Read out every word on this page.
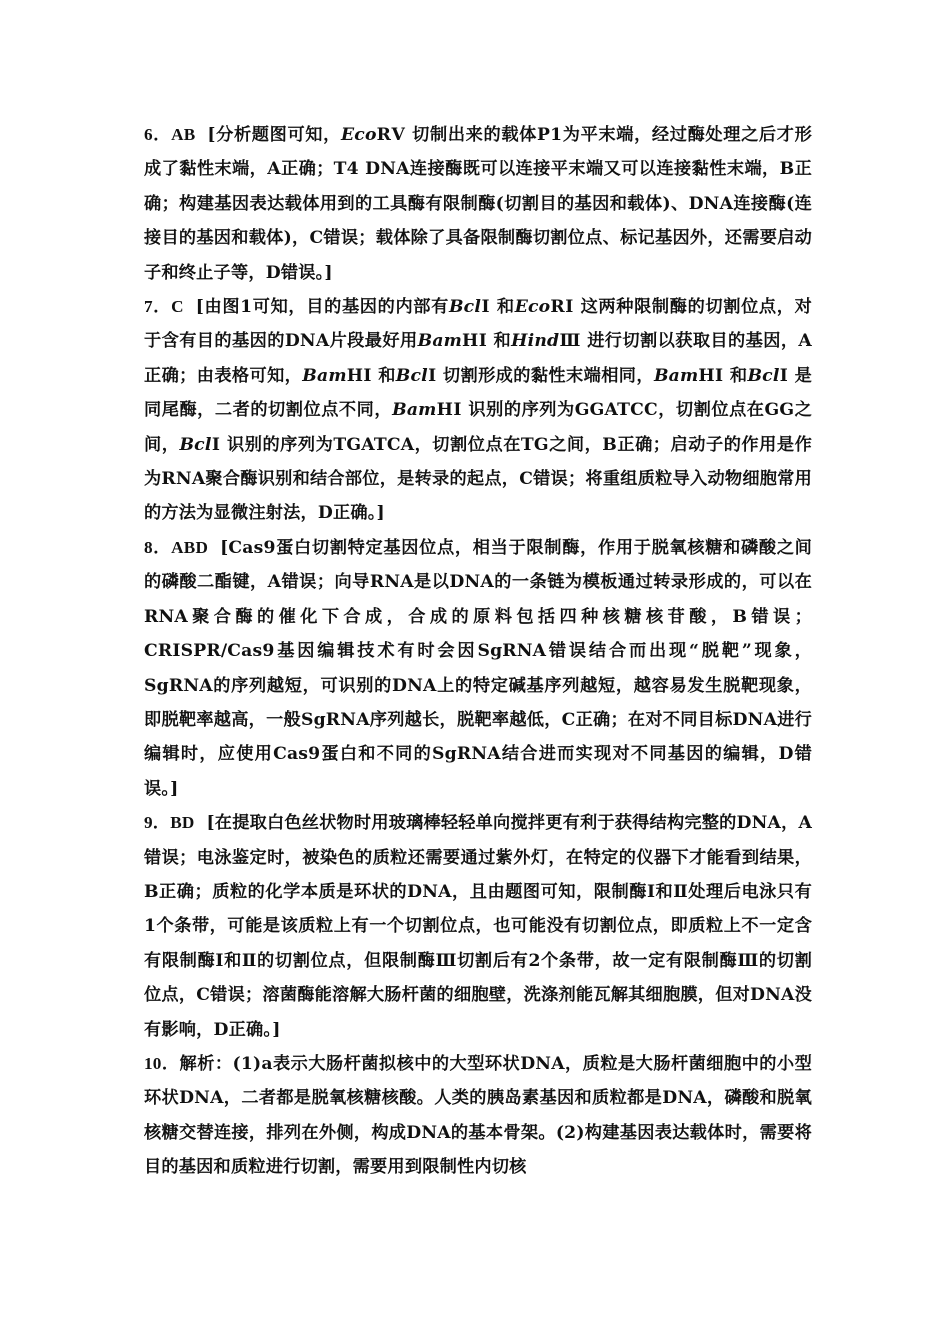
6．AB [分析题图可知，EcoRⅤ 切制出来的载体P1为平末端，经过酶处理之后才形成了黏性末端，A正确；T4 DNA连接酶既可以连接平末端又可以连接黏性末端，B正确；构建基因表达载体用到的工具酶有限制酶(切割目的基因和载体)、DNA连接酶(连接目的基因和载体)，C错误；载体除了具备限制酶切割位点、标记基因外，还需要启动子和终止子等，D错误。]

7．C [由图1可知，目的基因的内部有BclⅠ 和EcoRⅠ 这两种限制酶的切割位点，对于含有目的基因的DNA片段最好用BamHⅠ 和HindⅢ 进行切割以获取目的基因，A正确；由表格可知，BamHⅠ 和BclⅠ 切割形成的黏性末端相同，BamHⅠ 和BclⅠ 是同尾酶，二者的切割位点不同，BamHⅠ 识别的序列为GGATCC，切割位点在GG之间，BclⅠ 识别的序列为TGATCA，切割位点在TG之间，B正确；启动子的作用是作为RNA聚合酶识别和结合部位，是转录的起点，C错误；将重组质粒导入动物细胞常用的方法为显微注射法，D正确。]

8．ABD [Cas9蛋白切割特定基因位点，相当于限制酶，作用于脱氧核糖和磷酸之间的磷酸二酯键，A错误；向导RNA是以DNA的一条链为模板通过转录形成的，可以在RNA聚合酶的催化下合成，合成的原料包括四种核糖核苷酸，B错误；CRISPR/Cas9基因编辑技术有时会因SgRNA错误结合而出现“脱靶”现象，SgRNA的序列越短，可识别的DNA上的特定碱基序列越短，越容易发生脱靶现象，即脱靶率越高，一般SgRNA序列越长，脱靶率越低，C正确；在对不同目标DNA进行编辑时，应使用Cas9蛋白和不同的SgRNA结合进而实现对不同基因的编辑，D错误。]

9．BD [在提取白色丝状物时用玻璃棒轻轻单向搅拌更有利于获得结构完整的DNA，A错误；电泳鉴定时，被染色的质粒还需要通过紫外灯，在特定的仪器下才能看到结果，B正确；质粒的化学本质是环状的DNA，且由题图可知，限制酶Ⅰ和Ⅱ处理后电泳只有1个条带，可能是该质粒上有一个切割位点，也可能没有切割位点，即质粒上不一定含有限制酶Ⅰ和Ⅱ的切割位点，但限制酶Ⅲ切割后有2个条带，故一定有限制酶Ⅲ的切割位点，C错误；溶菌酶能溶解大肠杆菌的细胞壁，洗涤剂能瓦解其细胞膜，但对DNA没有影响，D正确。]

10．解析：(1)a表示大肠杆菌拟核中的大型环状DNA，质粒是大肠杆菌细胞中的小型环状DNA，二者都是脱氧核糖核酸。人类的胰岛素基因和质粒都是DNA，磷酸和脱氧核糖交替连接，排列在外侧，构成DNA的基本骨架。(2)构建基因表达载体时，需要将目的基因和质粒进行切割，需要用到限制性内切核
